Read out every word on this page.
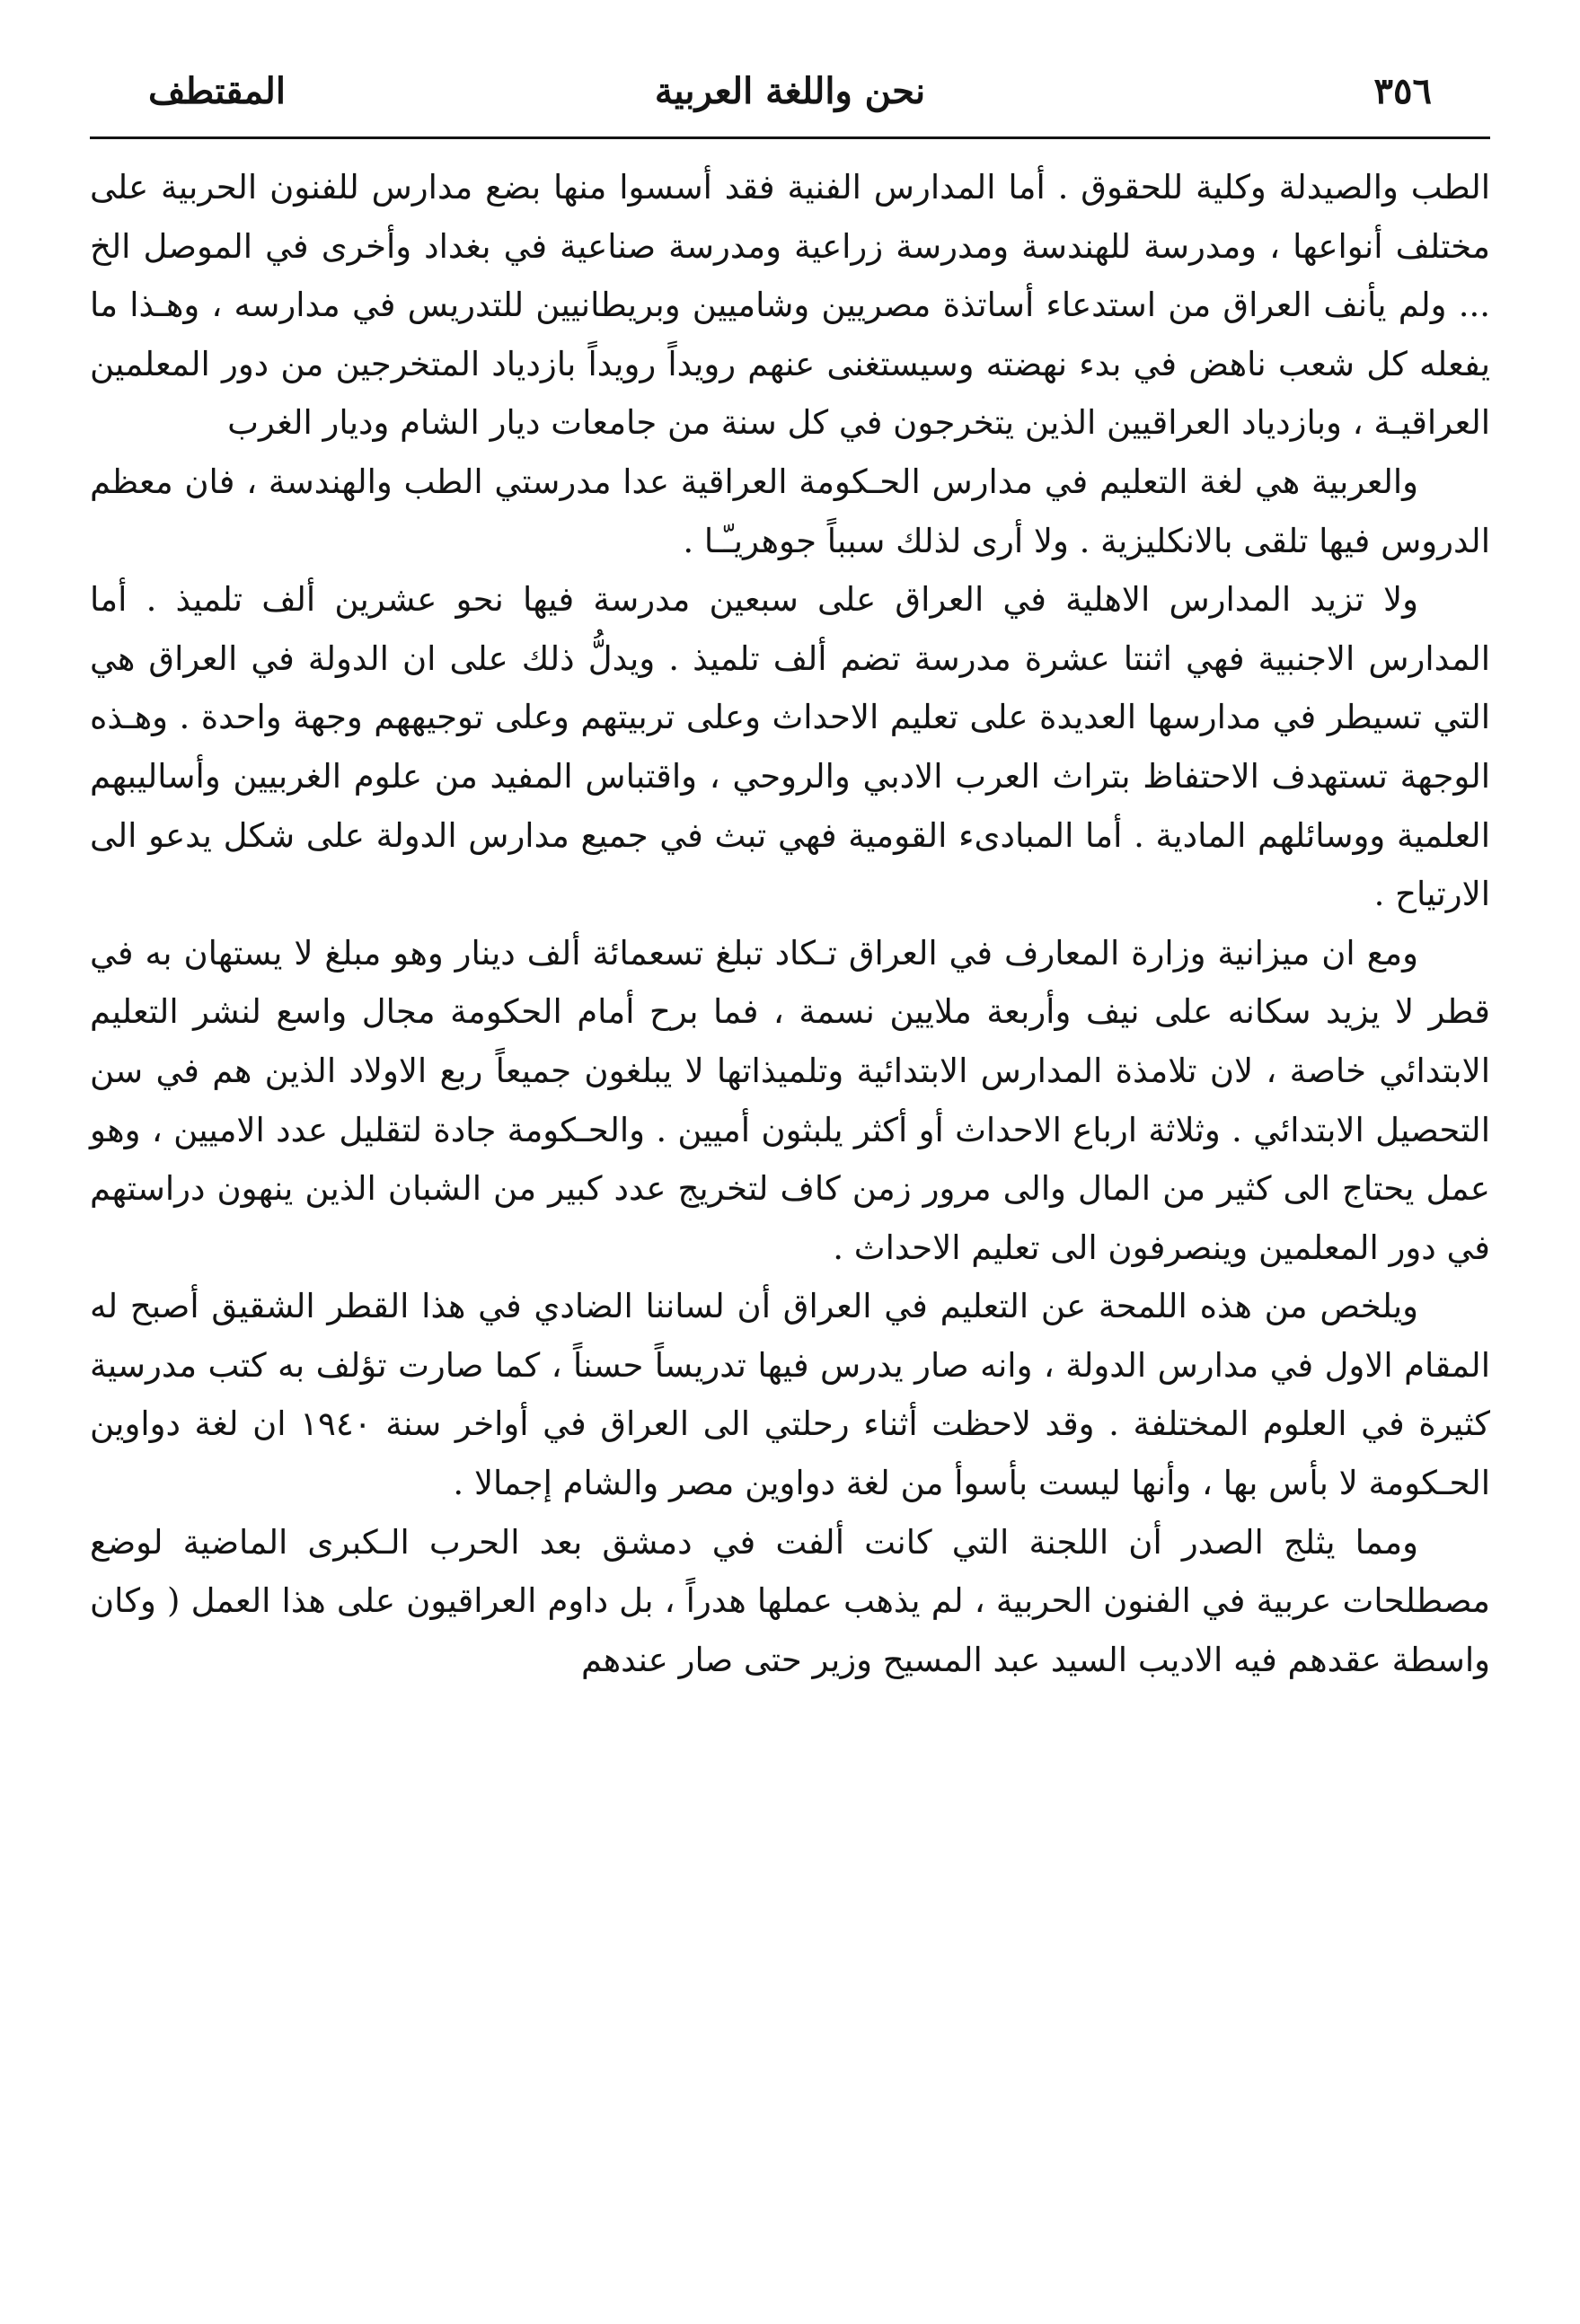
٣٥٦
نحن واللغة العربية
المقتطف

الطب والصيدلة وكلية للحقوق . أما المدارس الفنية فقد أسسوا منها بضع مدارس للفنون الحربية على مختلف أنواعها ، ومدرسة للهندسة ومدرسة زراعية ومدرسة صناعية في بغداد وأخرى في الموصل الخ ... ولم يأنف العراق من استدعاء أساتذة مصريين وشاميين وبريطانيين للتدريس في مدارسه ، وهـذا ما يفعله كل شعب ناهض في بدء نهضته وسيستغنى عنهم رويداً رويداً بازدياد المتخرجين من دور المعلمين العراقيـة ، وبازدياد العراقيين الذين يتخرجون في كل سنة من جامعات ديار الشام وديار الغرب

والعربية هي لغة التعليم في مدارس الحـكومة العراقية عدا مدرستي الطب والهندسة ، فان معظم الدروس فيها تلقى بالانكليزية . ولا أرى لذلك سبباً جوهريـّـا .

ولا تزيد المدارس الاهلية في العراق على سبعين مدرسة فيها نحو عشرين ألف تلميذ . أما المدارس الاجنبية فهي اثنتا عشرة مدرسة تضم ألف تلميذ . ويدلُّ ذلك على ان الدولة في العراق هي التي تسيطر في مدارسها العديدة على تعليم الاحداث وعلى تربيتهم وعلى توجيههم وجهة واحدة . وهـذه الوجهة تستهدف الاحتفاظ بتراث العرب الادبي والروحي ، واقتباس المفيد من علوم الغربيين وأساليبهم العلمية ووسائلهم المادية . أما المبادىء القومية فهي تبث في جميع مدارس الدولة على شكل يدعو الى الارتياح .

ومع ان ميزانية وزارة المعارف في العراق تـكاد تبلغ تسعمائة ألف دينار وهو مبلغ لا يستهان به في قطر لا يزيد سكانه على نيف وأربعة ملايين نسمة ، فما برح أمام الحكومة مجال واسع لنشر التعليم الابتدائي خاصة ، لان تلامذة المدارس الابتدائية وتلميذاتها لا يبلغون جميعاً ربع الاولاد الذين هم في سن التحصيل الابتدائي . وثلاثة ارباع الاحداث أو أكثر يلبثون أميين . والحـكومة جادة لتقليل عدد الاميين ، وهو عمل يحتاج الى كثير من المال والى مرور زمن كاف لتخريج عدد كبير من الشبان الذين ينهون دراستهم في دور المعلمين وينصرفون الى تعليم الاحداث .

ويلخص من هذه اللمحة عن التعليم في العراق أن لساننا الضادي في هذا القطر الشقيق أصبح له المقام الاول في مدارس الدولة ، وانه صار يدرس فيها تدريساً حسناً ، كما صارت تؤلف به كتب مدرسية كثيرة في العلوم المختلفة . وقد لاحظت أثناء رحلتي الى العراق في أواخر سنة ١٩٤٠ ان لغة دواوين الحـكومة لا بأس بها ، وأنها ليست بأسوأ من لغة دواوين مصر والشام إجمالا .

ومما يثلج الصدر أن اللجنة التي كانت ألفت في دمشق بعد الحرب الـكبرى الماضية لوضع مصطلحات عربية في الفنون الحربية ، لم يذهب عملها هدراً ، بل داوم العراقيون على هذا العمل ( وكان واسطة عقدهم فيه الاديب السيد عبد المسيح وزير حتى صار عندهم
